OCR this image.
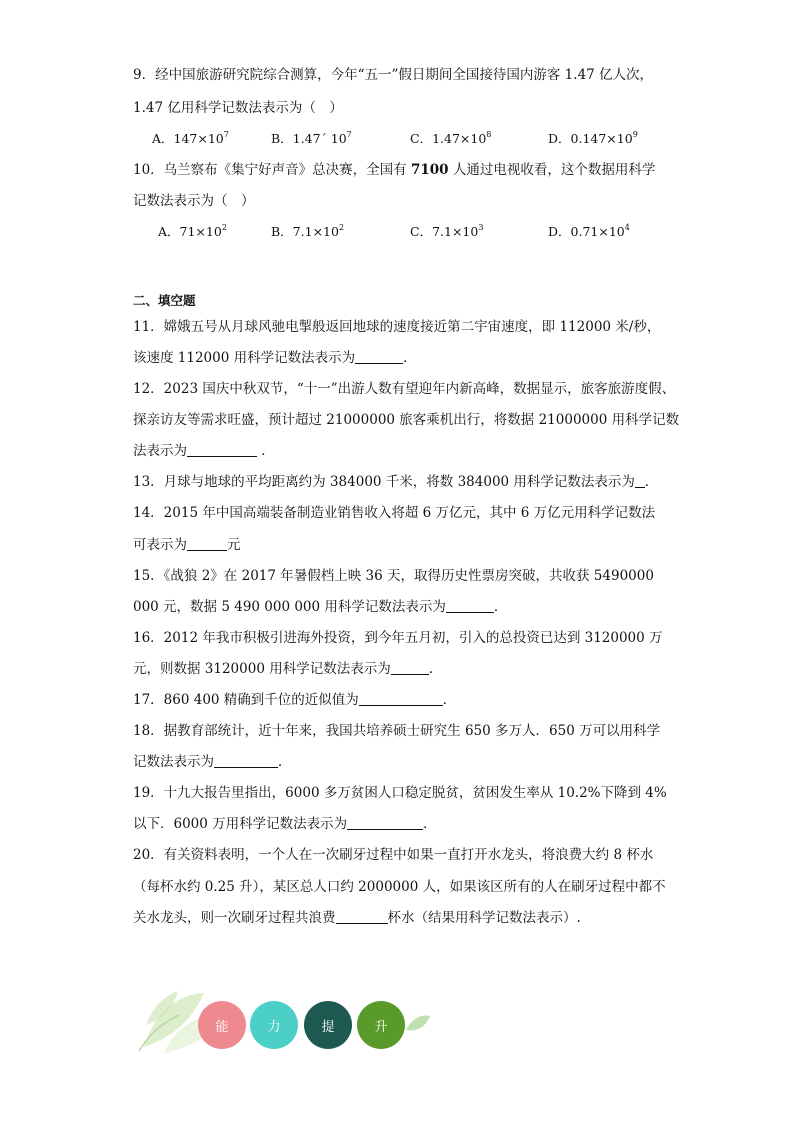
9．经中国旅游研究院综合测算，今年“五一”假日期间全国接待国内游客 1.47 亿人次，
1.47 亿用科学记数法表示为（　）
A．$147\times 10^7$	B．1.47´ $10^7$	C．$1.47\times 10^8$	D．$0.147\times 10^9$
10．乌兰察布《集宁好声音》总决赛，全国有 7100 人通过电视收看，这个数据用科学
记数法表示为（　）
A．$71\times 10^2$	B．$7.1\times 10^2$	C．$7.1\times 10^3$	D．$0.71\times 10^4$
二、填空题
11．嫦娥五号从月球风驰电掣般返回地球的速度接近第二宇宙速度，即 112000 米/秒，
该速度 112000 用科学记数法表示为	．
12．2023 国庆中秋双节，“十一”出游人数有望迎年内新高峰，数据显示，旅客旅游度假、
探亲访友等需求旺盛，预计超过 21000000 旅客乘机出行，将数据 21000000 用科学记数
法表示为	．
13．月球与地球的平均距离约为 384000 千米，将数 384000 用科学记数法表示为 ．
14．2015 年中国高端装备制造业销售收入将超 6 万亿元，其中 6 万亿元用科学记数法
可表示为	元
15．《战狼 2》在 2017 年暑假档上映 36 天，取得历史性票房突破，共收获 5490000
000 元，数据 5 490 000 000 用科学记数法表示为	．
16．2012 年我市积极引进海外投资，到今年五月初，引入的总投资已达到 3120000 万
元，则数据 3120000 用科学记数法表示为	.
17．860 400 精确到千位的近似值为	．
18．据教育部统计，近十年来，我国共培养硕士研究生 650 多万人．650 万可以用科学
记数法表示为	．
19．十九大报告里指出，6000 多万贫困人口稳定脱贫，贫困发生率从 10.2%下降到 4%
以下．6000 万用科学记数法表示为	．
20．有关资料表明，一个人在一次刷牙过程中如果一直打开水龙头，将浪费大约 8 杯水
（每杯水约 0.25 升），某区总人口约 2000000 人，如果该区所有的人在刷牙过程中都不
关水龙头，则一次刷牙过程共浪费	杯水（结果用科学记数法表示）.
能	力	提	升
